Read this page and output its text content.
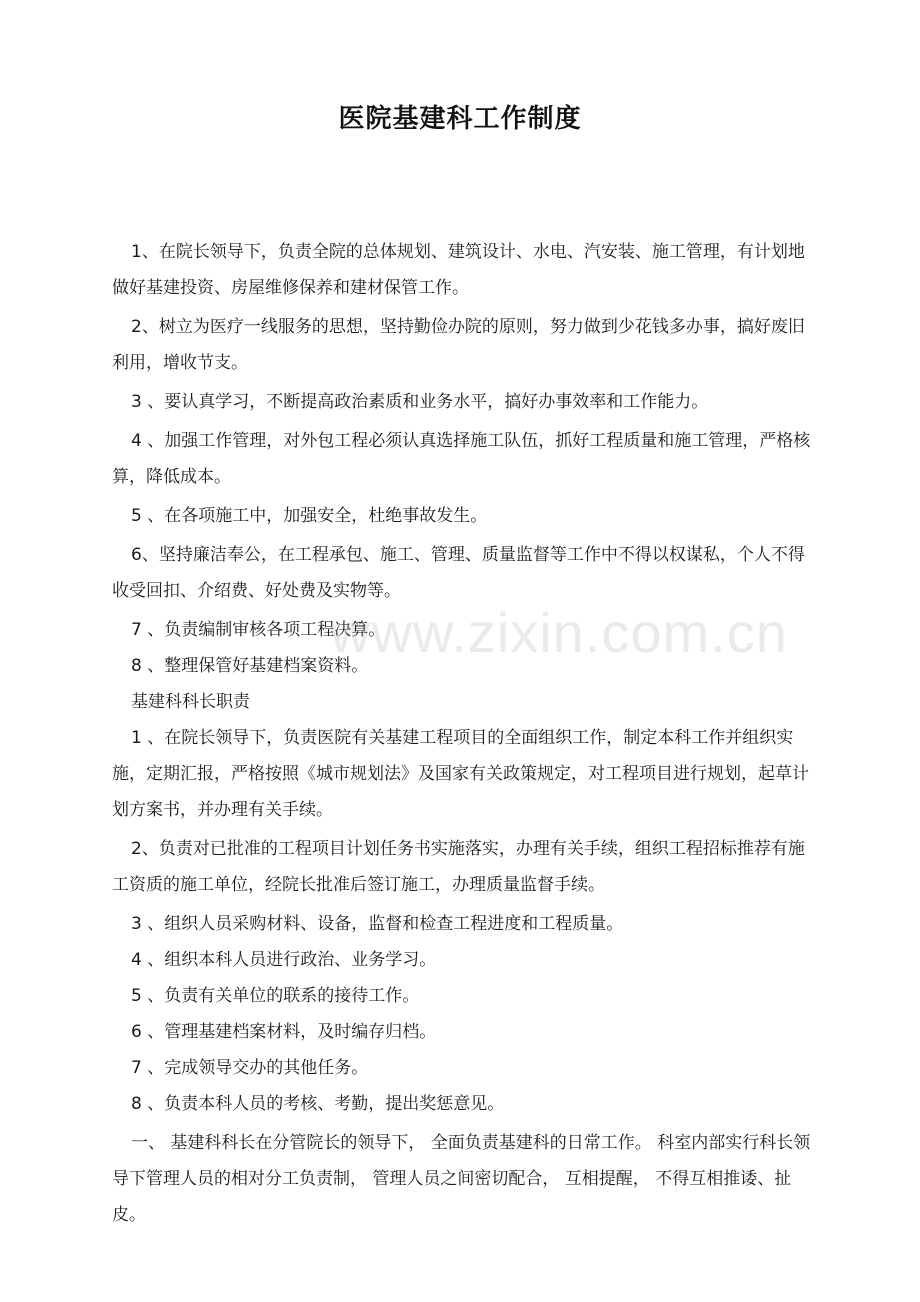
医院基建科工作制度

1、在院长领导下，负责全院的总体规划、建筑设计、水电、汽安装、施工管理，有计划地做好基建投资、房屋维修保养和建材保管工作。

2、树立为医疗一线服务的思想，坚持勤俭办院的原则，努力做到少花钱多办事，搞好废旧利用，增收节支。

3 、要认真学习，不断提高政治素质和业务水平，搞好办事效率和工作能力。

4 、加强工作管理，对外包工程必须认真选择施工队伍，抓好工程质量和施工管理，严格核算，降低成本。

5 、在各项施工中，加强安全，杜绝事故发生。

6、坚持廉洁奉公，在工程承包、施工、管理、质量监督等工作中不得以权谋私，个人不得收受回扣、介绍费、好处费及实物等。

7 、负责编制审核各项工程决算。

8 、整理保管好基建档案资料。

基建科科长职责

1 、在院长领导下，负责医院有关基建工程项目的全面组织工作，制定本科工作并组织实施，定期汇报，严格按照《城市规划法》及国家有关政策规定，对工程项目进行规划，起草计划方案书，并办理有关手续。

2、负责对已批准的工程项目计划任务书实施落实，办理有关手续，组织工程招标推荐有施工资质的施工单位，经院长批准后签订施工，办理质量监督手续。

3 、组织人员采购材料、设备，监督和检查工程进度和工程质量。

4 、组织本科人员进行政治、业务学习。

5 、负责有关单位的联系的接待工作。

6 、管理基建档案材料，及时编存归档。

7 、完成领导交办的其他任务。

8 、负责本科人员的考核、考勤，提出奖惩意见。

一、 基建科科长在分管院长的领导下， 全面负责基建科的日常工作。 科室内部实行科长领导下管理人员的相对分工负责制， 管理人员之间密切配合， 互相提醒， 不得互相推诿、扯皮。

www.zixin.com.cn
